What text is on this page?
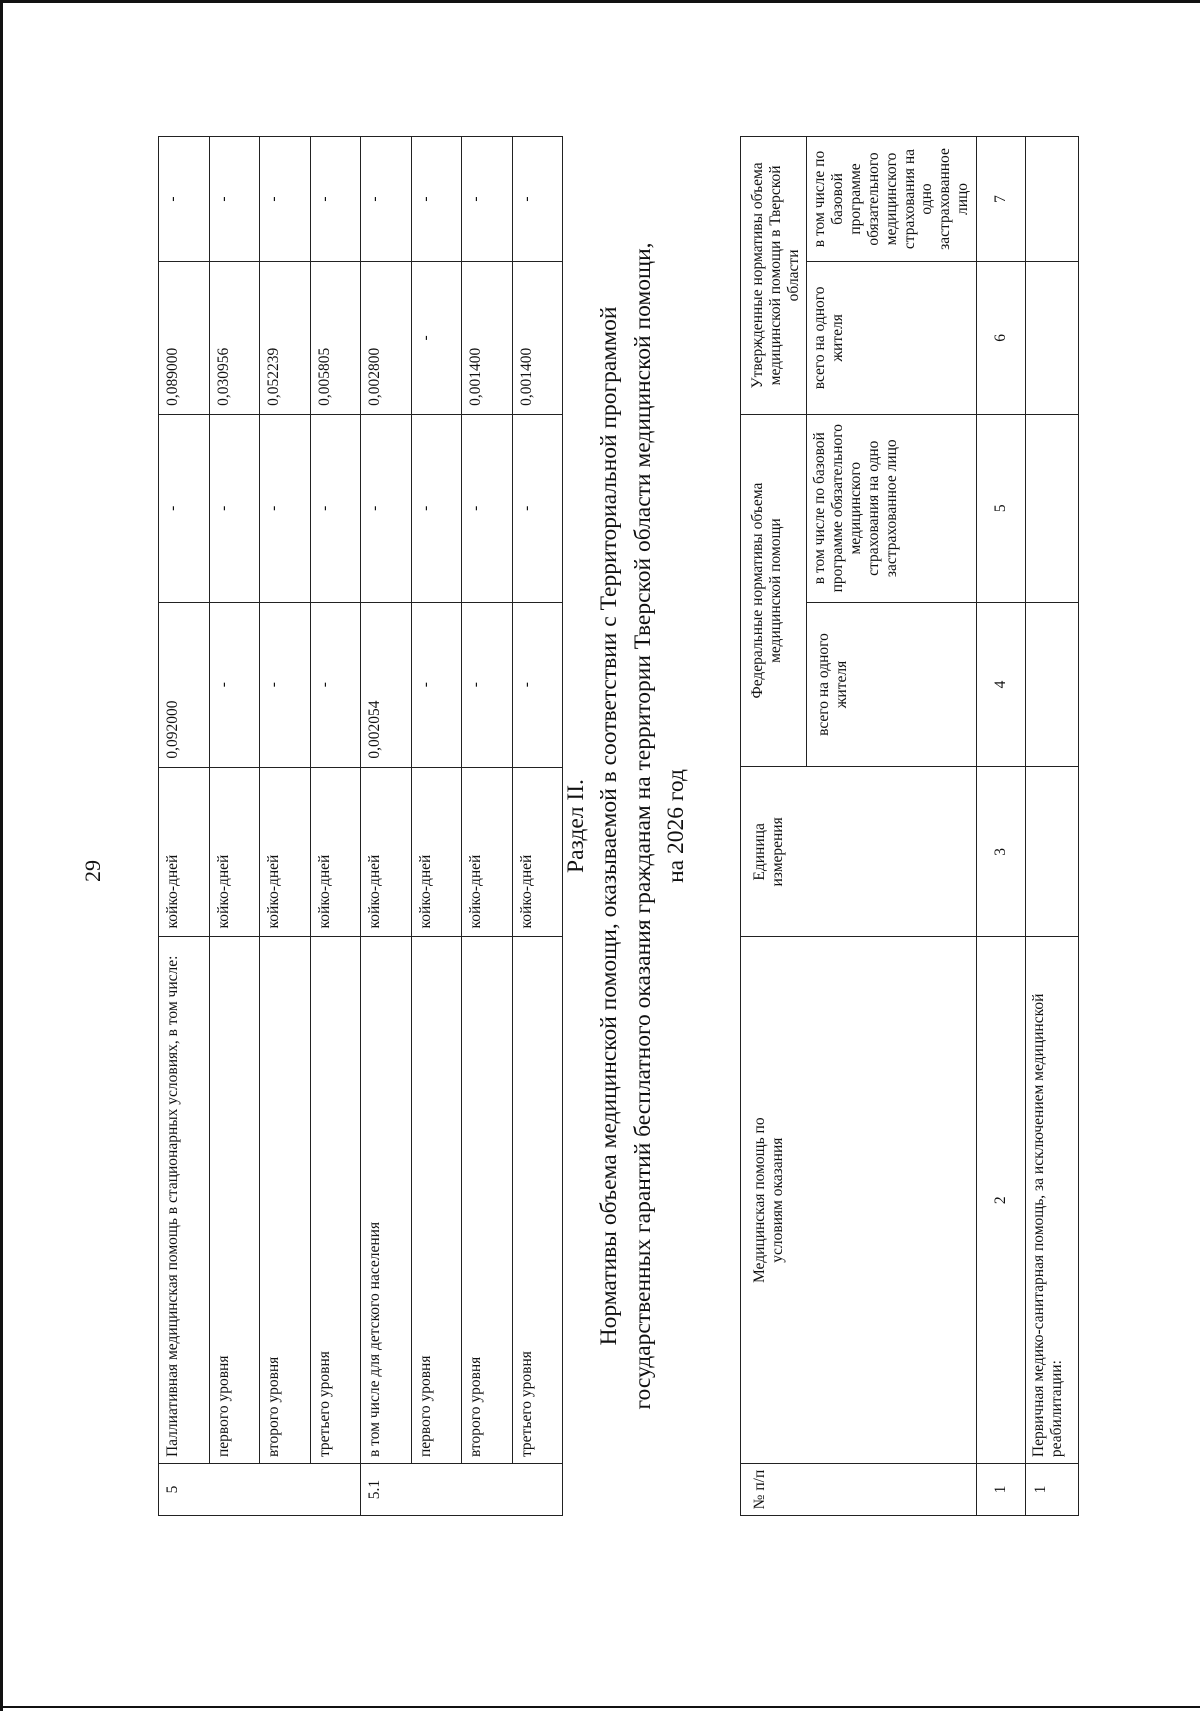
29
5	Паллиативная медицинская помощь в стационарных условиях, в том числе:	койко-дней	0,092000	-	0,089000	-
	первого уровня	койко-дней	-	-	0,030956	-
	второго уровня	койко-дней	-	-	0,052239	-
	третьего уровня	койко-дней	-	-	0,005805	-
5.1	в том числе для детского населения	койко-дней	0,002054	-	0,002800	-
	первого уровня	койко-дней	-	-	-	-
	второго уровня	койко-дней	-	-	0,001400	-
	третьего уровня	койко-дней	-	-	0,001400	-
Раздел II. Нормативы объема медицинской помощи, оказываемой в соответствии с Территориальной программой государственных гарантий бесплатного оказания гражданам на территории Тверской области медицинской помощи, на 2026 год
№ п/п	Медицинская помощь по условиям оказания	Единица измерения	Федеральные нормативы объема медицинской помощи		Утвержденные нормативы объема медицинской помощи в Тверской области	
			всего на одного жителя	в том числе по базовой программе обязательного медицинского страхования на одно застрахованное лицо	всего на одного жителя	в том числе по базовой программе обязательного медицинского страхования на одно застрахованное лицо
1	2	3	4	5	6	7
1	Первичная медико-санитарная помощь, за исключением медицинской реабилитации:					
